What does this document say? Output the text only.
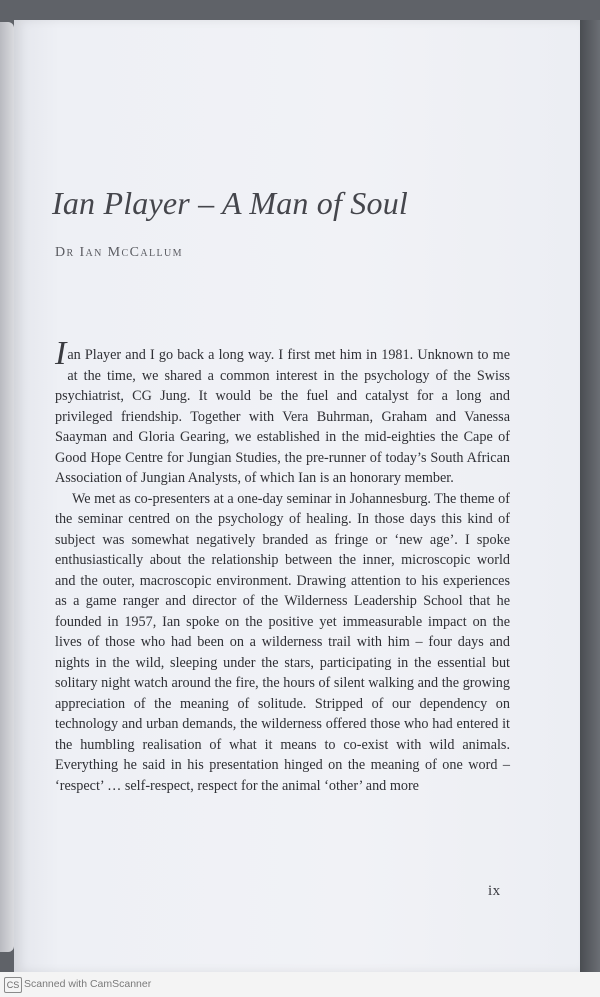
Ian Player – A Man of Soul
Dr Ian McCallum

Ian Player and I go back a long way. I first met him in 1981. Unknown to me at the time, we shared a common interest in the psychology of the Swiss psychiatrist, CG Jung. It would be the fuel and catalyst for a long and privileged friendship. Together with Vera Buhrman, Graham and Vanessa Saayman and Gloria Gearing, we established in the mid-eighties the Cape of Good Hope Centre for Jungian Studies, the pre-runner of today’s South African Association of Jungian Analysts, of which Ian is an honorary member.

We met as co-presenters at a one-day seminar in Johannesburg. The theme of the seminar centred on the psychology of healing. In those days this kind of subject was somewhat negatively branded as fringe or ‘new age’. I spoke enthusiastically about the relationship between the inner, microscopic world and the outer, macroscopic environment. Drawing attention to his experiences as a game ranger and director of the Wilderness Leadership School that he founded in 1957, Ian spoke on the positive yet immeasurable impact on the lives of those who had been on a wilderness trail with him – four days and nights in the wild, sleeping under the stars, participating in the essential but solitary night watch around the fire, the hours of silent walking and the growing appreciation of the meaning of solitude. Stripped of our dependency on technology and urban demands, the wilderness offered those who had entered it the humbling realisation of what it means to co-exist with wild animals. Everything he said in his presentation hinged on the meaning of one word – ‘respect’ … self-respect, respect for the animal ‘other’ and more

ix
CS Scanned with CamScanner
